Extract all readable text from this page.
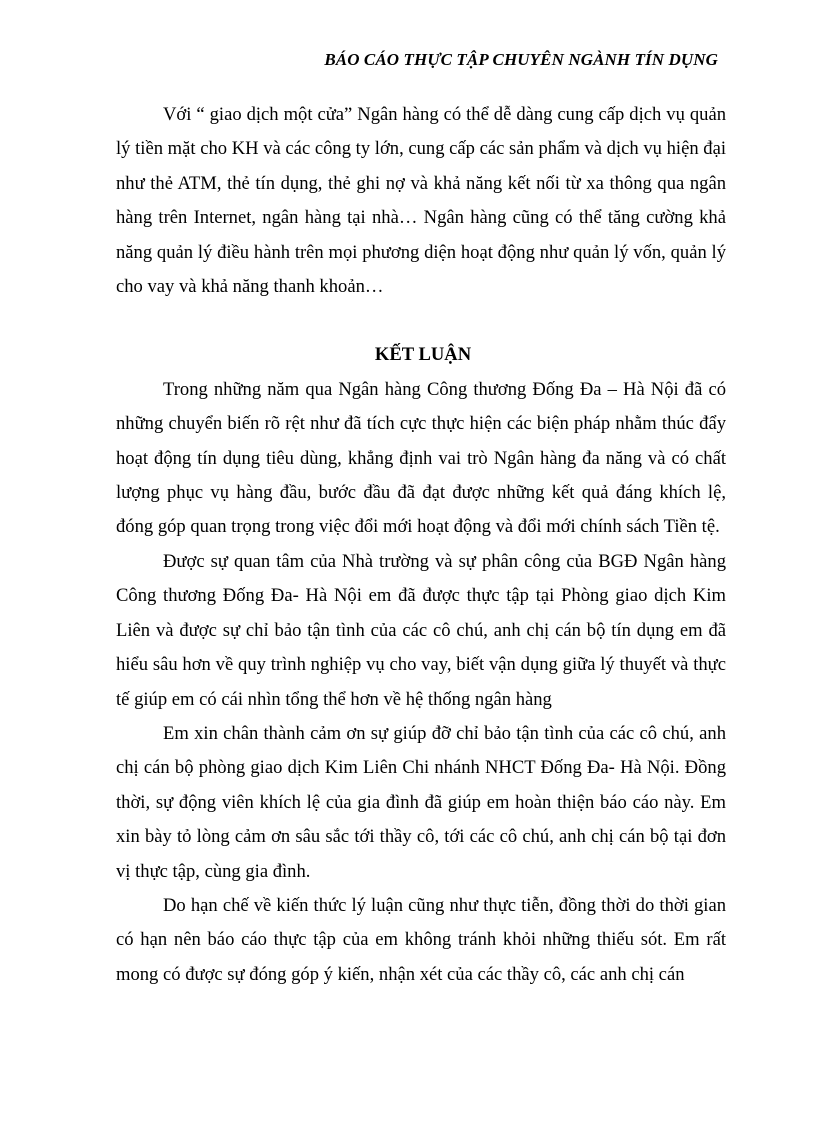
BÁO CÁO THỰC TẬP CHUYÊN NGÀNH TÍN DỤNG

Với “ giao dịch một cửa” Ngân hàng có thể dễ dàng cung cấp dịch vụ quản lý tiền mặt cho KH và các công ty lớn, cung cấp các sản phẩm và dịch vụ hiện đại như thẻ ATM, thẻ tín dụng, thẻ ghi nợ và khả năng kết nối từ xa thông qua ngân hàng trên Internet, ngân hàng tại nhà… Ngân hàng cũng có thể tăng cường khả năng quản lý điều hành trên mọi phương diện hoạt động như quản lý vốn, quản lý cho vay và khả năng thanh khoản…

KẾT LUẬN

Trong những năm qua Ngân hàng Công thương Đống Đa – Hà Nội đã có những chuyển biến rõ rệt như đã tích cực thực hiện các biện pháp nhằm thúc đẩy hoạt động tín dụng tiêu dùng, khẳng định vai trò Ngân hàng đa năng và có chất lượng phục vụ hàng đầu, bước đầu đã đạt được những kết quả đáng khích lệ, đóng góp quan trọng trong việc đổi mới hoạt động và đổi mới chính sách Tiền tệ.

Được sự quan tâm của Nhà trường và sự phân công của BGĐ Ngân hàng Công thương Đống Đa- Hà Nội em đã được thực tập tại Phòng giao dịch Kim Liên và được sự chỉ bảo tận tình của các cô chú, anh chị cán bộ tín dụng em đã hiểu sâu hơn về quy trình nghiệp vụ cho vay, biết vận dụng giữa lý thuyết và thực tế giúp em có cái nhìn tổng thể hơn về hệ thống ngân hàng

Em xin chân thành cảm ơn sự giúp đỡ chỉ bảo tận tình của các cô chú, anh chị cán bộ phòng giao dịch Kim Liên Chi nhánh NHCT Đống Đa- Hà Nội. Đồng thời, sự động viên khích lệ của gia đình đã giúp em hoàn thiện báo cáo này. Em xin bày tỏ lòng cảm ơn sâu sắc tới thầy cô, tới các cô chú, anh chị cán bộ tại đơn vị thực tập, cùng gia đình.

Do hạn chế về kiến thức lý luận cũng như thực tiễn, đồng thời do thời gian có hạn nên báo cáo thực tập của em không tránh khỏi những thiếu sót. Em rất mong có được sự đóng góp ý kiến, nhận xét của các thầy cô, các anh chị cán
